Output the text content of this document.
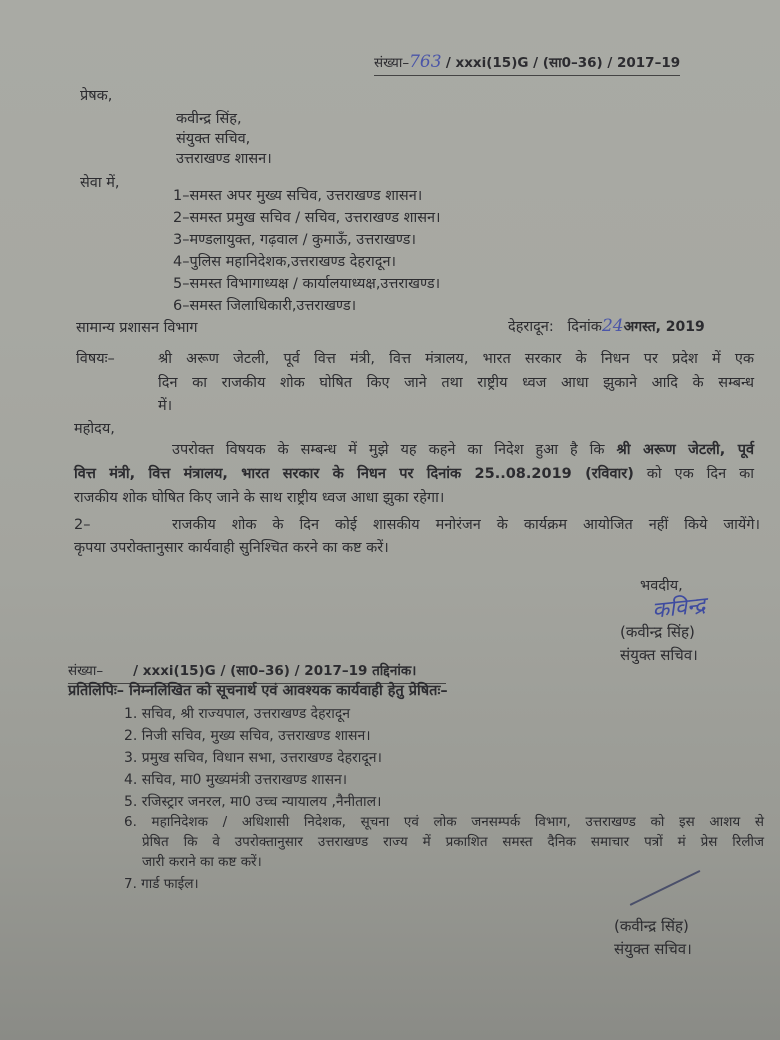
संख्या–763 / xxxi(15)G / (सा0–36) / 2017–19
प्रेषक,
कवीन्द्र सिंह,
संयुक्त सचिव,
उत्तराखण्ड शासन।
सेवा में,
1–समस्त अपर मुख्य सचिव, उत्तराखण्ड शासन।
2–समस्त प्रमुख सचिव / सचिव, उत्तराखण्ड शासन।
3–मण्डलायुक्त, गढ़वाल / कुमाऊँ, उत्तराखण्ड।
4–पुलिस महानिदेशक,उत्तराखण्ड देहरादून।
5–समस्त विभागाध्यक्ष / कार्यालयाध्यक्ष,उत्तराखण्ड।
6–समस्त जिलाधिकारी,उत्तराखण्ड।
सामान्य प्रशासन विभाग	देहरादून: दिनांक24अगस्त, 2019
विषयः–	श्री अरूण जेटली, पूर्व वित्त मंत्री, वित्त मंत्रालय, भारत सरकार के निधन पर प्रदेश में एक
दिन का राजकीय शोक घोषित किए जाने तथा राष्ट्रीय ध्वज आधा झुकाने आदि के सम्बन्ध
में।
महोदय,
उपरोक्त विषयक के सम्बन्ध में मुझे यह कहने का निदेश हुआ है कि श्री अरूण जेटली, पूर्व
वित्त मंत्री, वित्त मंत्रालय, भारत सरकार के निधन पर दिनांक 25..08.2019 (रविवार) को एक दिन का
राजकीय शोक घोषित किए जाने के साथ राष्ट्रीय ध्वज आधा झुका रहेगा।
2–	राजकीय शोक के दिन कोई शासकीय मनोरंजन के कार्यक्रम आयोजित नहीं किये जायेंगे।
कृपया उपरोक्तानुसार कार्यवाही सुनिश्चित करने का कष्ट करें।
भवदीय,
कविन्द्र
(कवीन्द्र सिंह)
संयुक्त सचिव।
संख्या– / xxxi(15)G / (सा0–36) / 2017–19 तद्दिनांक।
प्रतिलिपिः– निम्नलिखित को सूचनार्थ एवं आवश्यक कार्यवाही हेतु प्रेषितः–
1. सचिव, श्री राज्यपाल, उत्तराखण्ड देहरादून
2. निजी सचिव, मुख्य सचिव, उत्तराखण्ड शासन।
3. प्रमुख सचिव, विधान सभा, उत्तराखण्ड देहरादून।
4. सचिव, मा0 मुख्यमंत्री उत्तराखण्ड शासन।
5. रजिस्ट्रार जनरल, मा0 उच्च न्यायालय ,नैनीताल।
6. महानिदेशक / अधिशासी निदेशक, सूचना एवं लोक जनसम्पर्क विभाग, उत्तराखण्ड को इस आशय से
प्रेषित कि वे उपरोक्तानुसार उत्तराखण्ड राज्य में प्रकाशित समस्त दैनिक समाचार पत्रों मं प्रेस रिलीज
जारी कराने का कष्ट करें।
7. गार्ड फाईल।
(कवीन्द्र सिंह)
संयुक्त सचिव।
